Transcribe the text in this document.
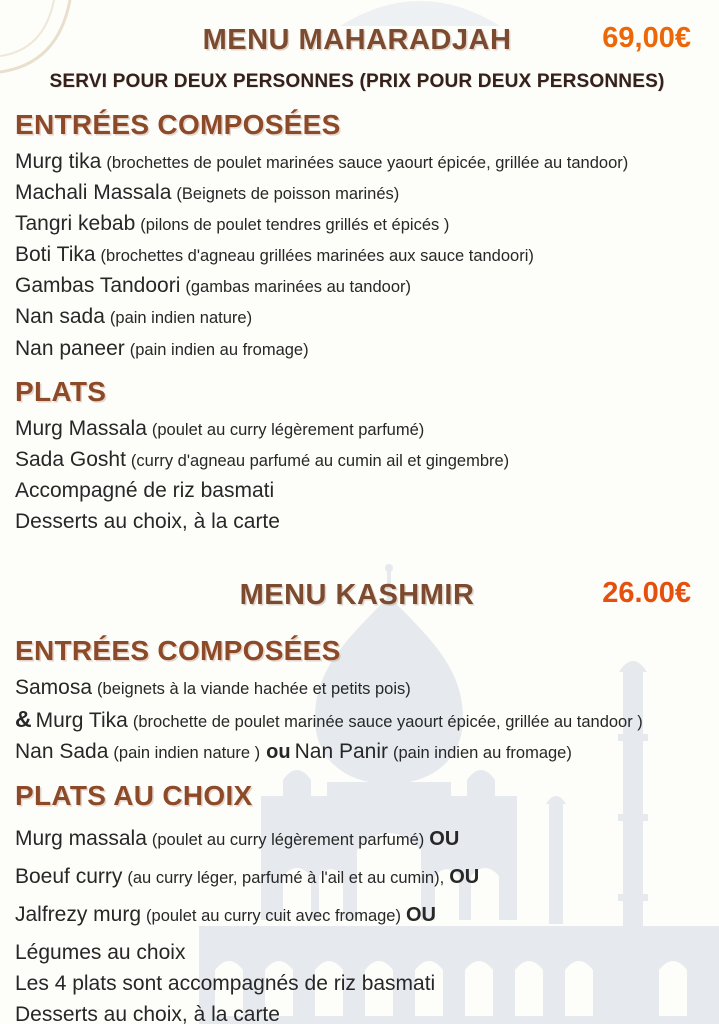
MENU MAHARADJAH	69,00€
SERVI POUR DEUX PERSONNES (PRIX POUR DEUX PERSONNES)
ENTRÉES COMPOSÉES
Murg tika (brochettes de poulet marinées sauce yaourt épicée, grillée au tandoor)
Machali Massala (Beignets de poisson marinés)
Tangri kebab (pilons de poulet tendres grillés et épicés )
Boti Tika (brochettes d'agneau grillées marinées aux sauce tandoori)
Gambas Tandoori (gambas marinées au tandoor)
Nan sada (pain indien nature)
Nan paneer (pain indien au fromage)
PLATS
Murg Massala (poulet au curry légèrement parfumé)
Sada Gosht (curry d'agneau parfumé au cumin ail et gingembre)
Accompagné de riz basmati
Desserts au choix, à la carte
MENU KASHMIR	26.00€
ENTRÉES COMPOSÉES
Samosa (beignets à la viande hachée et petits pois)
& Murg Tika (brochette de poulet marinée sauce yaourt épicée, grillée au tandoor )
Nan Sada (pain indien nature ) ou Nan Panir (pain indien au fromage)
PLATS AU CHOIX
Murg massala (poulet au curry légèrement parfumé) OU
Boeuf curry (au curry léger, parfumé à l'ail et au cumin), OU
Jalfrezy murg (poulet au curry cuit avec fromage) OU
Légumes au choix
Les 4 plats sont accompagnés de riz basmati
Desserts au choix, à la carte
